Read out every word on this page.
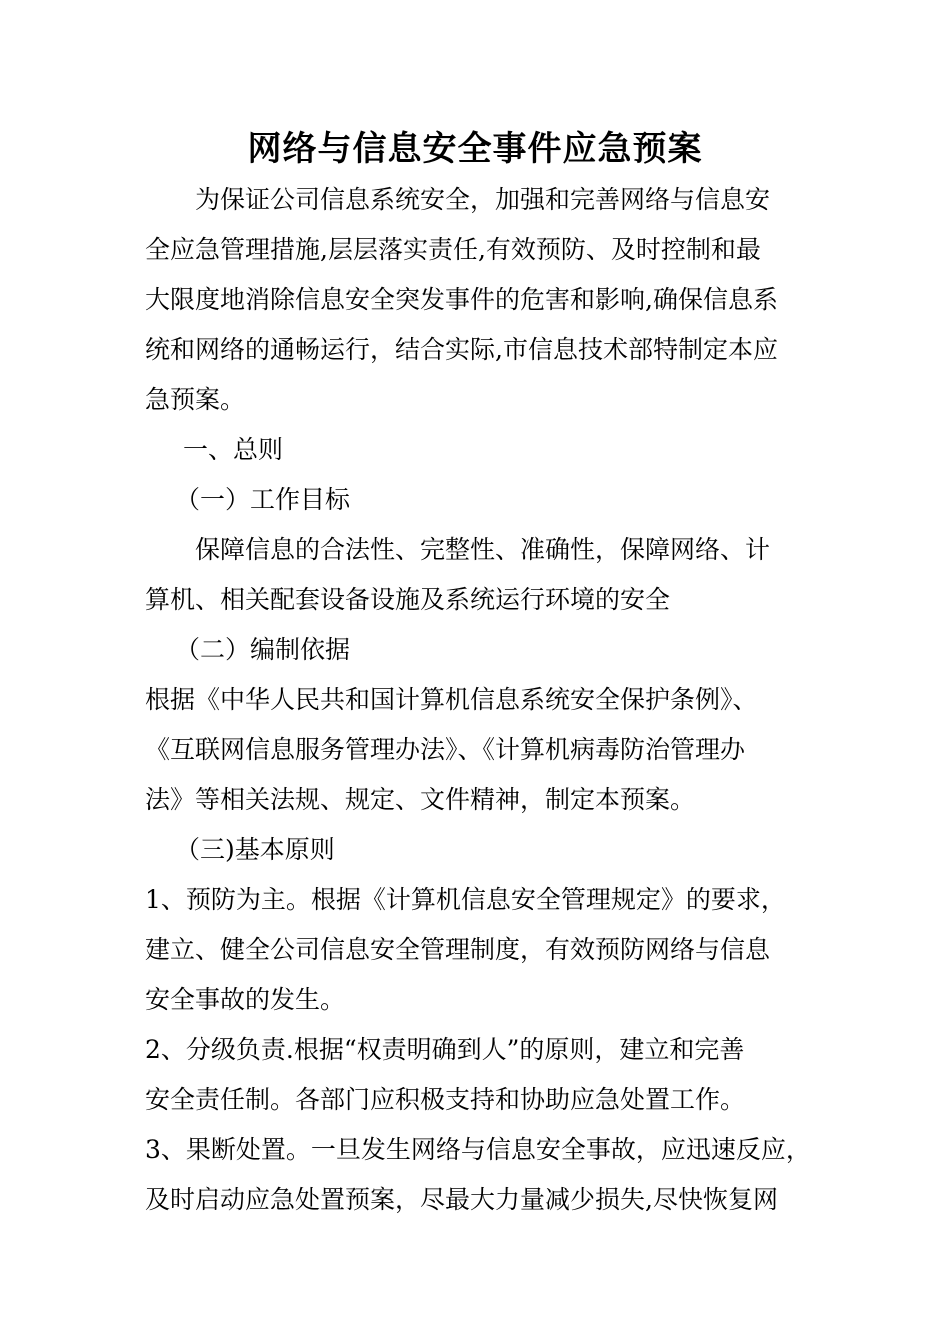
网络与信息安全事件应急预案
为保证公司信息系统安全，加强和完善网络与信息安
全应急管理措施,层层落实责任,有效预防、及时控制和最
大限度地消除信息安全突发事件的危害和影响,确保信息系
统和网络的通畅运行，结合实际,市信息技术部特制定本应
急预案。
一、总则
（一）工作目标
保障信息的合法性、完整性、准确性，保障网络、计
算机、相关配套设备设施及系统运行环境的安全
（二）编制依据
根据《中华人民共和国计算机信息系统安全保护条例》、
《互联网信息服务管理办法》、《计算机病毒防治管理办
法》等相关法规、规定、文件精神，制定本预案。
（三)基本原则
1、预防为主。根据《计算机信息安全管理规定》的要求，
建立、健全公司信息安全管理制度，有效预防网络与信息
安全事故的发生。
2、分级负责.根据“权责明确到人”的原则，建立和完善
安全责任制。各部门应积极支持和协助应急处置工作。
3、果断处置。一旦发生网络与信息安全事故，应迅速反应，
及时启动应急处置预案，尽最大力量减少损失,尽快恢复网
